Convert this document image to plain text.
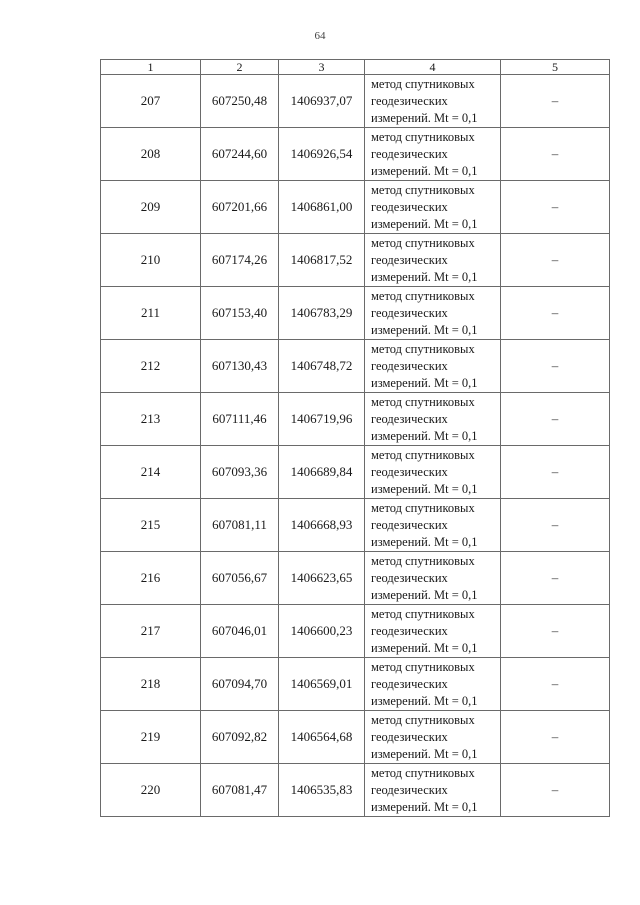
64
1	2	3	4	5
207	607250,48	1406937,07	метод спутниковых
геодезических
измерений. Mt = 0,1	–
208	607244,60	1406926,54	метод спутниковых
геодезических
измерений. Mt = 0,1	–
209	607201,66	1406861,00	метод спутниковых
геодезических
измерений. Mt = 0,1	–
210	607174,26	1406817,52	метод спутниковых
геодезических
измерений. Mt = 0,1	–
211	607153,40	1406783,29	метод спутниковых
геодезических
измерений. Mt = 0,1	–
212	607130,43	1406748,72	метод спутниковых
геодезических
измерений. Mt = 0,1	–
213	607111,46	1406719,96	метод спутниковых
геодезических
измерений. Mt = 0,1	–
214	607093,36	1406689,84	метод спутниковых
геодезических
измерений. Mt = 0,1	–
215	607081,11	1406668,93	метод спутниковых
геодезических
измерений. Mt = 0,1	–
216	607056,67	1406623,65	метод спутниковых
геодезических
измерений. Mt = 0,1	–
217	607046,01	1406600,23	метод спутниковых
геодезических
измерений. Mt = 0,1	–
218	607094,70	1406569,01	метод спутниковых
геодезических
измерений. Mt = 0,1	–
219	607092,82	1406564,68	метод спутниковых
геодезических
измерений. Mt = 0,1	–
220	607081,47	1406535,83	метод спутниковых
геодезических
измерений. Mt = 0,1	–
